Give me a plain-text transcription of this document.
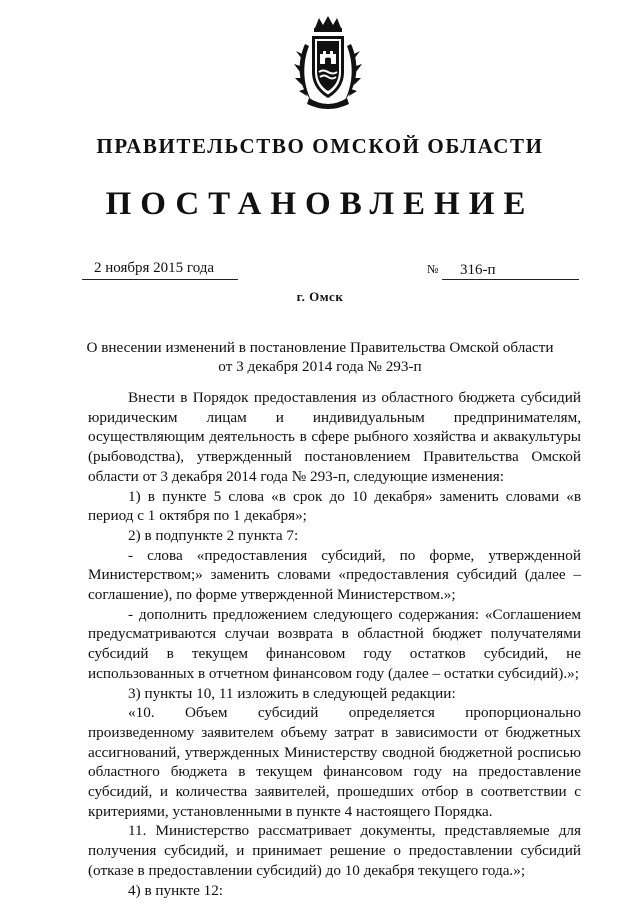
ПРАВИТЕЛЬСТВО ОМСКОЙ ОБЛАСТИ
ПОСТАНОВЛЕНИЕ
2 ноября 2015 года	№ 316-п
г. Омск
О внесении изменений в постановление Правительства Омской области
от 3 декабря 2014 года № 293-п

Внести в Порядок предоставления из областного бюджета субсидий юридическим лицам и индивидуальным предпринимателям, осуществляющим деятельность в сфере рыбного хозяйства и аквакультуры (рыбоводства), утвержденный постановлением Правительства Омской области от 3 декабря 2014 года № 293-п, следующие изменения:

1) в пункте 5 слова «в срок до 10 декабря» заменить словами «в период с 1 октября по 1 декабря»;

2) в подпункте 2 пункта 7:

- слова «предоставления субсидий, по форме, утвержденной Министерством;» заменить словами «предоставления субсидий (далее – соглашение), по форме утвержденной Министерством.»;

- дополнить предложением следующего содержания: «Соглашением предусматриваются случаи возврата в областной бюджет получателями субсидий в текущем финансовом году остатков субсидий, не использованных в отчетном финансовом году (далее – остатки субсидий).»;

3) пункты 10, 11 изложить в следующей редакции:

«10. Объем субсидий определяется пропорционально произведенному заявителем объему затрат в зависимости от бюджетных ассигнований, утвержденных Министерству сводной бюджетной росписью областного бюджета в текущем финансовом году на предоставление субсидий, и количества заявителей, прошедших отбор в соответствии с критериями, установленными в пункте 4 настоящего Порядка.

11. Министерство рассматривает документы, представляемые для получения субсидий, и принимает решение о предоставлении субсидий (отказе в предоставлении субсидий) до 10 декабря текущего года.»;

4) в пункте 12:
